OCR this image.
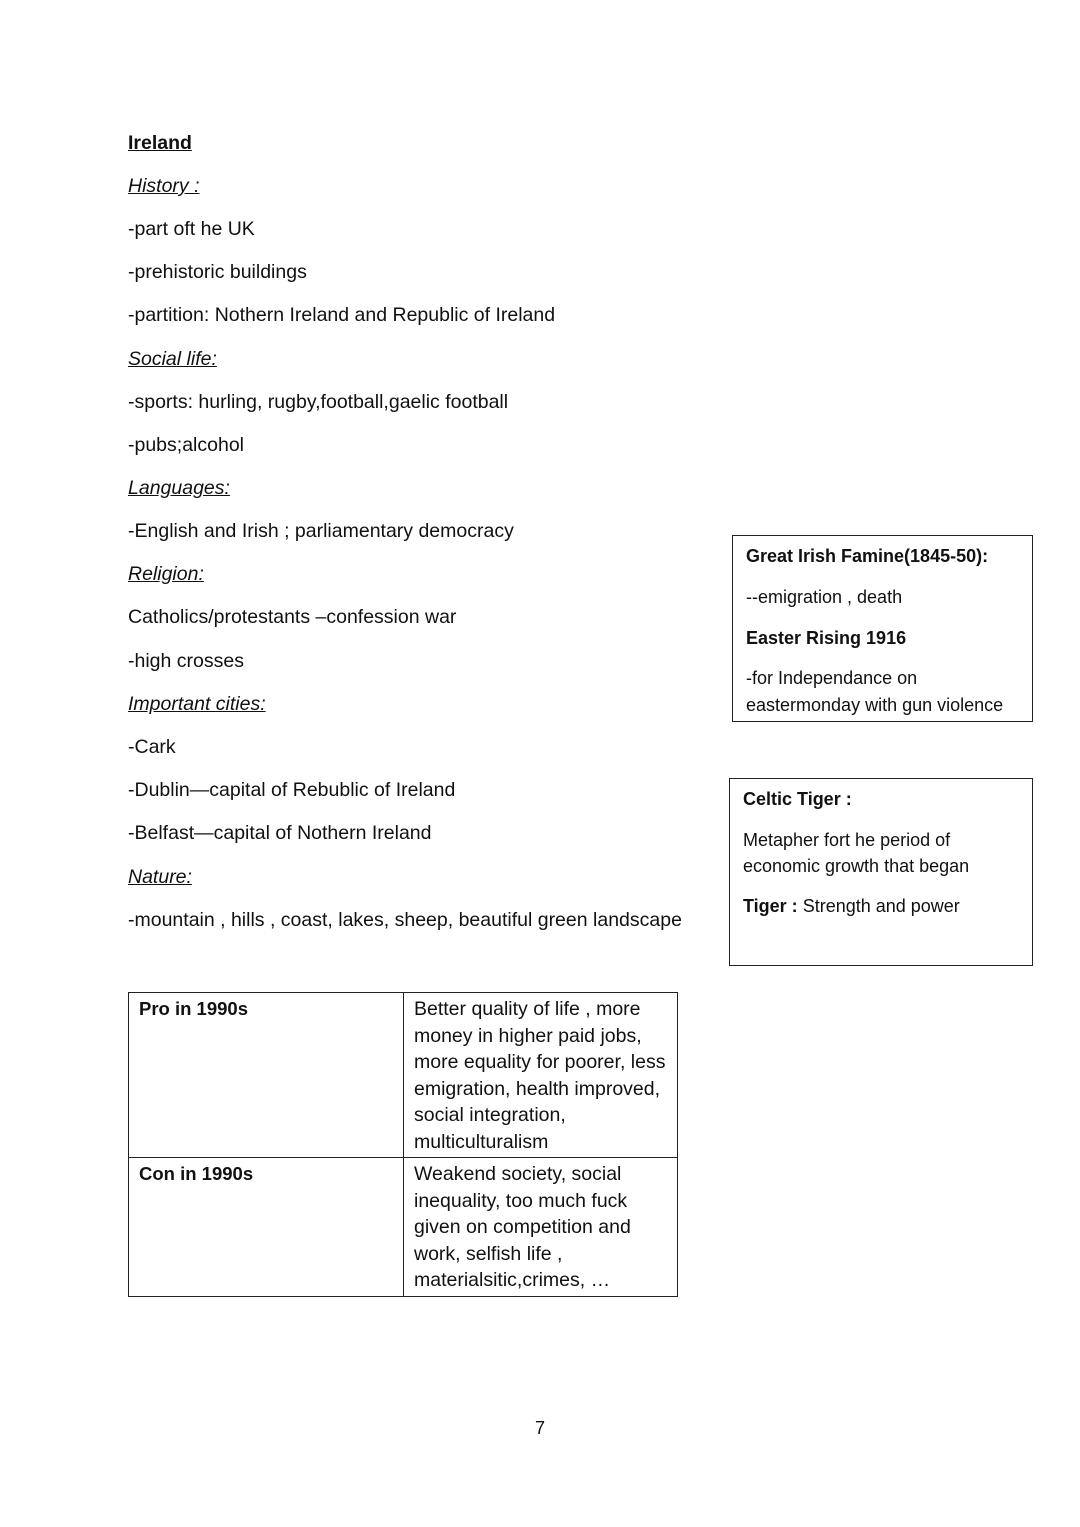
Ireland
History :
-part oft he UK
-prehistoric buildings
-partition: Nothern Ireland and Republic of Ireland
Social life:
-sports: hurling, rugby,football,gaelic football
-pubs;alcohol
Languages:
-English and Irish ; parliamentary democracy
Religion:
Catholics/protestants –confession war
-high crosses
Important cities:
-Cark
-Dublin—capital of Rebublic of Ireland
-Belfast—capital of Nothern Ireland
Nature:
-mountain , hills , coast, lakes, sheep, beautiful green landscape
Great Irish Famine(1845-50):
--emigration , death
Easter Rising 1916
-for Independance on
eastermonday with gun violence
Celtic Tiger :
Metapher fort he period of
economic growth that began
Tiger : Strength and power
Pro in 1990s	Better quality of life , more money in higher paid jobs, more equality for poorer, less emigration, health improved, social integration, multiculturalism
Con in 1990s	Weakend society, social inequality, too much fuck given on competition and work, selfish life , materialsitic,crimes, …
7
